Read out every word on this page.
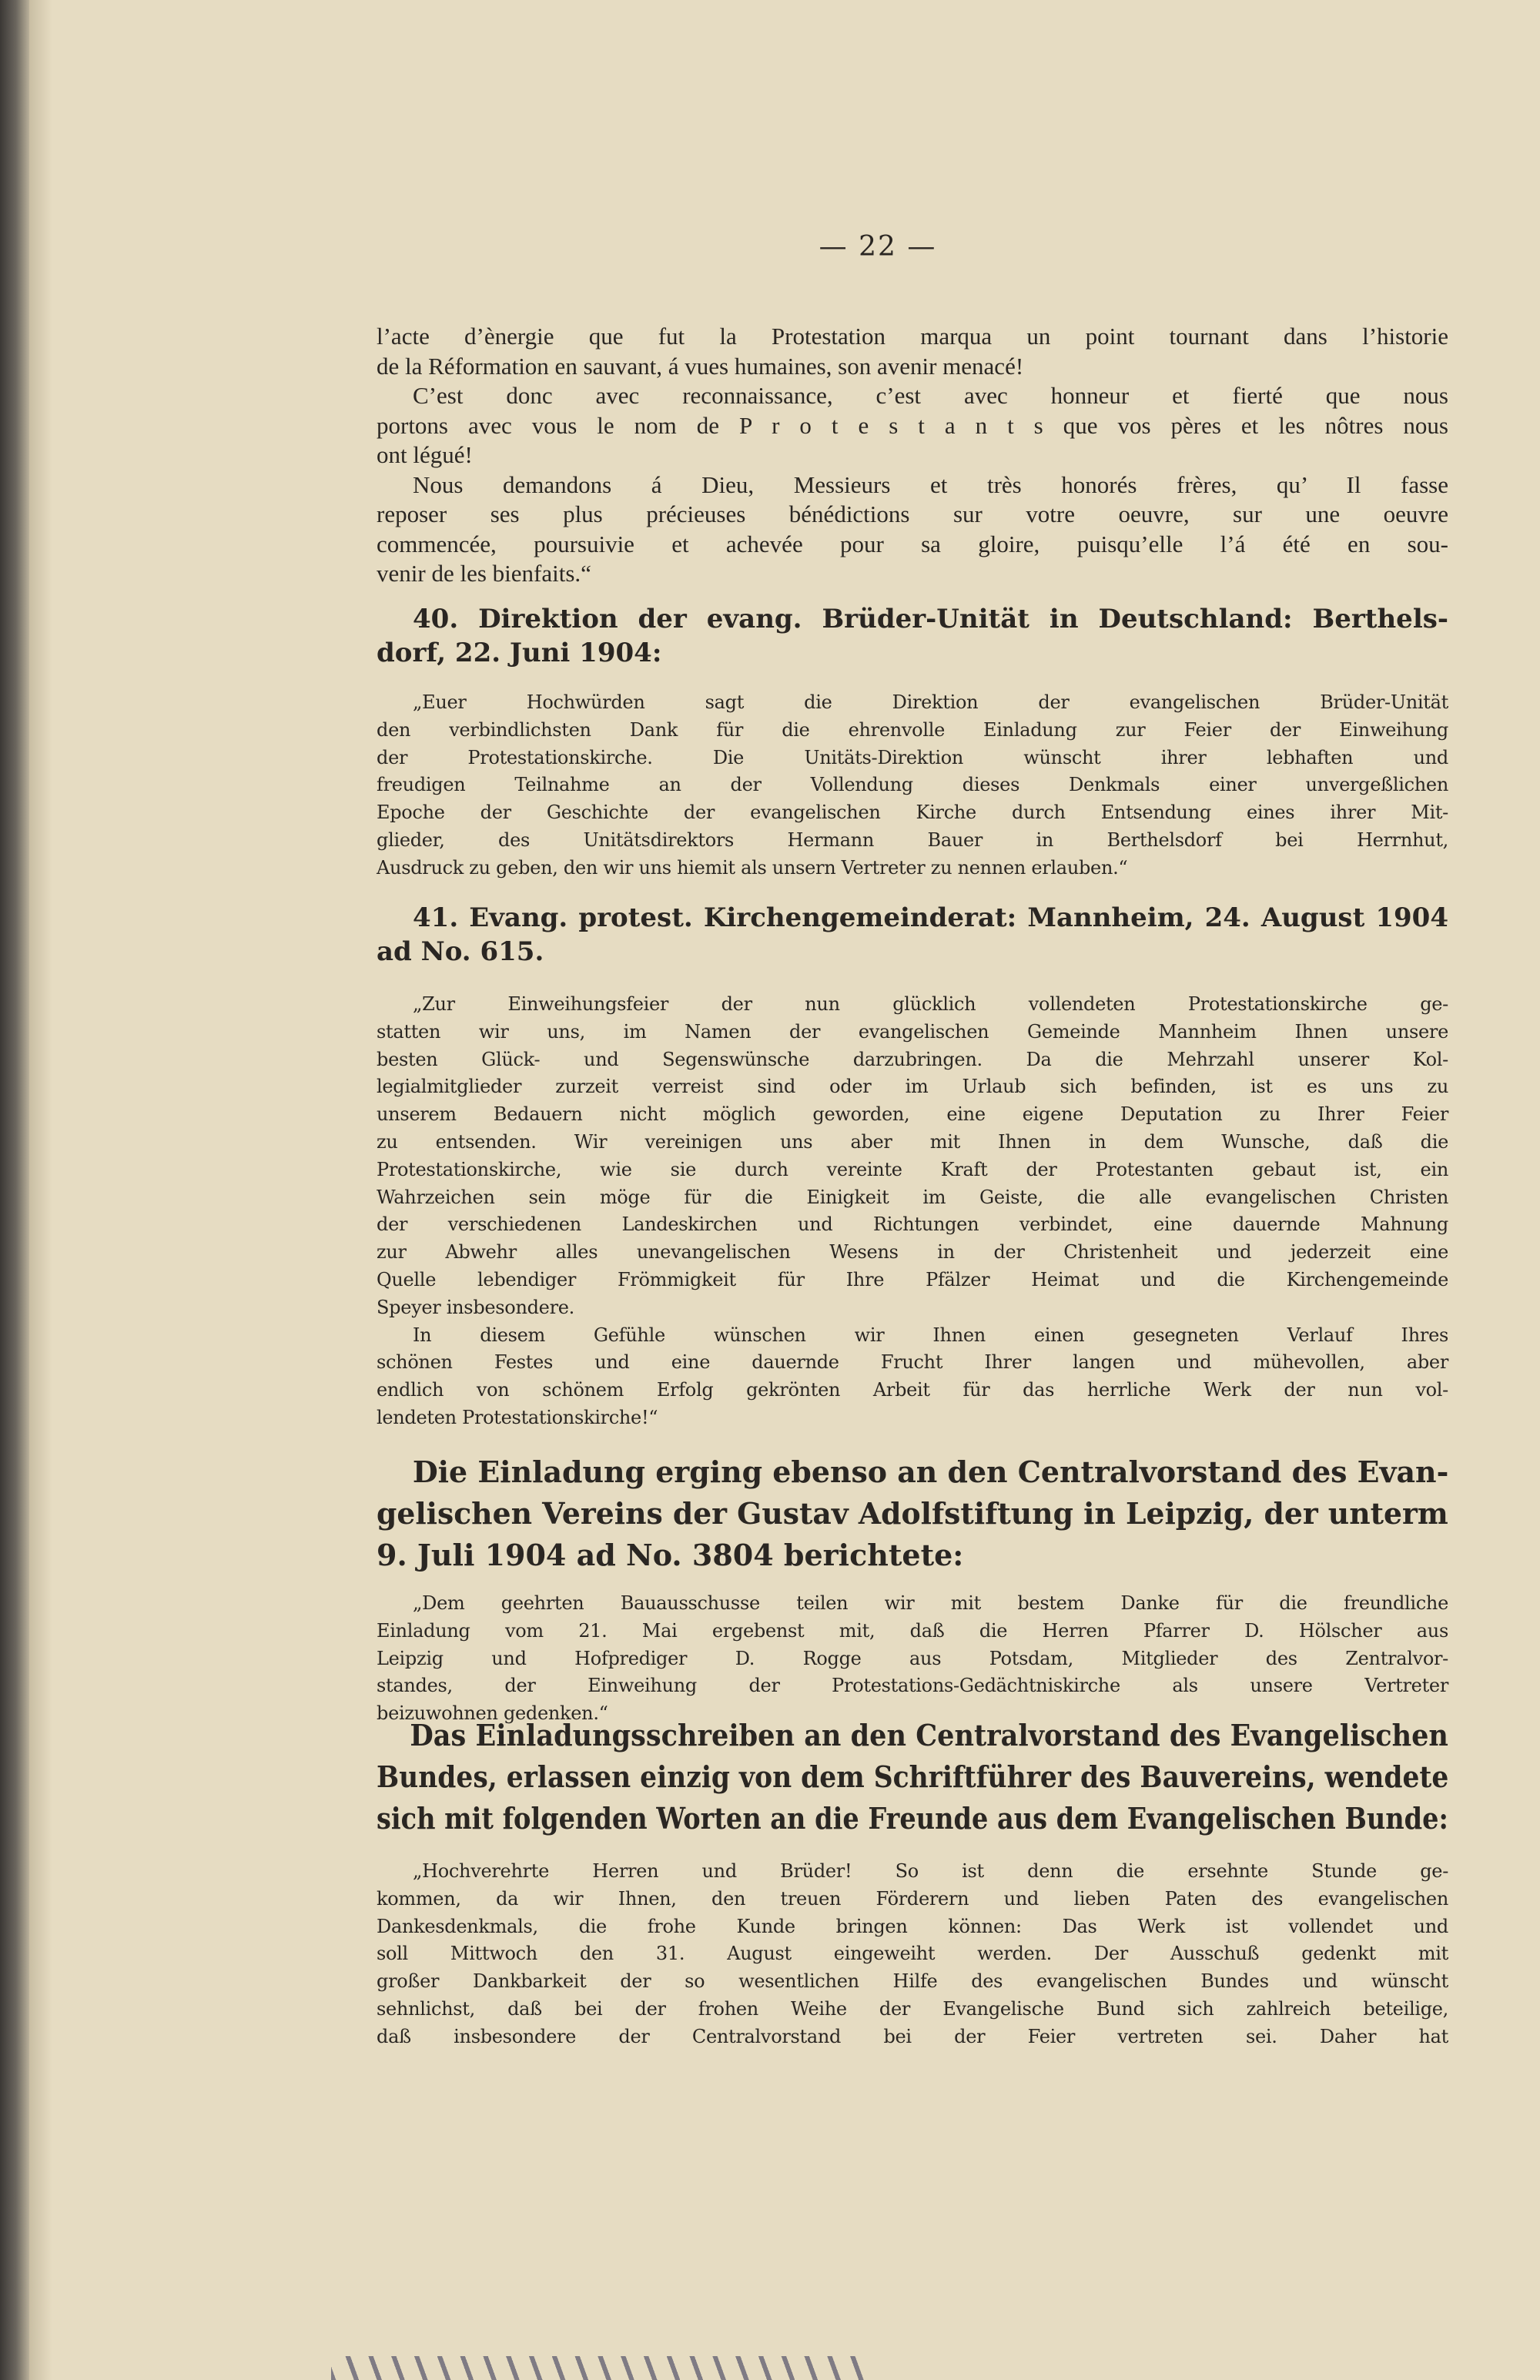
— 22 —
l’acte d’ènergie que fut la Protestation marqua un point tournant dans l’historie
de la Réformation en sauvant, á vues humaines, son avenir menacé!
C’est donc avec reconnaissance, c’est avec honneur et fierté que nous
portons avec vous le nom de P r o t e s t a n t s que vos pères et les nôtres nous
ont légué!
Nous demandons á Dieu, Messieurs et très honorés frères, qu’ Il fasse
reposer ses plus précieuses bénédictions sur votre oeuvre, sur une oeuvre
commencée, poursuivie et achevée pour sa gloire, puisqu’elle l’á été en sou-
venir de les bienfaits.“
40. Direktion der evang. Brüder-Unität in Deutschland: Berthels-
dorf, 22. Juni 1904:
„Euer Hochwürden sagt die Direktion der evangelischen Brüder-Unität
den verbindlichsten Dank für die ehrenvolle Einladung zur Feier der Einweihung
der Protestationskirche. Die Unitäts-Direktion wünscht ihrer lebhaften und
freudigen Teilnahme an der Vollendung dieses Denkmals einer unvergeßlichen
Epoche der Geschichte der evangelischen Kirche durch Entsendung eines ihrer Mit-
glieder, des Unitätsdirektors Hermann Bauer in Berthelsdorf bei Herrnhut,
Ausdruck zu geben, den wir uns hiemit als unsern Vertreter zu nennen erlauben.“
41. Evang. protest. Kirchengemeinderat: Mannheim, 24. August 1904
ad No. 615.
„Zur Einweihungsfeier der nun glücklich vollendeten Protestationskirche ge-
statten wir uns, im Namen der evangelischen Gemeinde Mannheim Ihnen unsere
besten Glück- und Segenswünsche darzubringen. Da die Mehrzahl unserer Kol-
legialmitglieder zurzeit verreist sind oder im Urlaub sich befinden, ist es uns zu
unserem Bedauern nicht möglich geworden, eine eigene Deputation zu Ihrer Feier
zu entsenden. Wir vereinigen uns aber mit Ihnen in dem Wunsche, daß die
Protestationskirche, wie sie durch vereinte Kraft der Protestanten gebaut ist, ein
Wahrzeichen sein möge für die Einigkeit im Geiste, die alle evangelischen Christen
der verschiedenen Landeskirchen und Richtungen verbindet, eine dauernde Mahnung
zur Abwehr alles unevangelischen Wesens in der Christenheit und jederzeit eine
Quelle lebendiger Frömmigkeit für Ihre Pfälzer Heimat und die Kirchengemeinde
Speyer insbesondere.
In diesem Gefühle wünschen wir Ihnen einen gesegneten Verlauf Ihres
schönen Festes und eine dauernde Frucht Ihrer langen und mühevollen, aber
endlich von schönem Erfolg gekrönten Arbeit für das herrliche Werk der nun vol-
lendeten Protestationskirche!“
Die Einladung erging ebenso an den Centralvorstand des Evan-
gelischen Vereins der Gustav Adolfstiftung in Leipzig, der unterm
9. Juli 1904 ad No. 3804 berichtete:
„Dem geehrten Bauausschusse teilen wir mit bestem Danke für die freundliche
Einladung vom 21. Mai ergebenst mit, daß die Herren Pfarrer D. Hölscher aus
Leipzig und Hofprediger D. Rogge aus Potsdam, Mitglieder des Zentralvor-
standes, der Einweihung der Protestations-Gedächtniskirche als unsere Vertreter
beizuwohnen gedenken.“
Das Einladungsschreiben an den Centralvorstand des Evangelischen
Bundes, erlassen einzig von dem Schriftführer des Bauvereins, wendete
sich mit folgenden Worten an die Freunde aus dem Evangelischen Bunde:
„Hochverehrte Herren und Brüder! So ist denn die ersehnte Stunde ge-
kommen, da wir Ihnen, den treuen Förderern und lieben Paten des evangelischen
Dankesdenkmals, die frohe Kunde bringen können: Das Werk ist vollendet und
soll Mittwoch den 31. August eingeweiht werden. Der Ausschuß gedenkt mit
großer Dankbarkeit der so wesentlichen Hilfe des evangelischen Bundes und wünscht
sehnlichst, daß bei der frohen Weihe der Evangelische Bund sich zahlreich beteilige,
daß insbesondere der Centralvorstand bei der Feier vertreten sei. Daher hat
